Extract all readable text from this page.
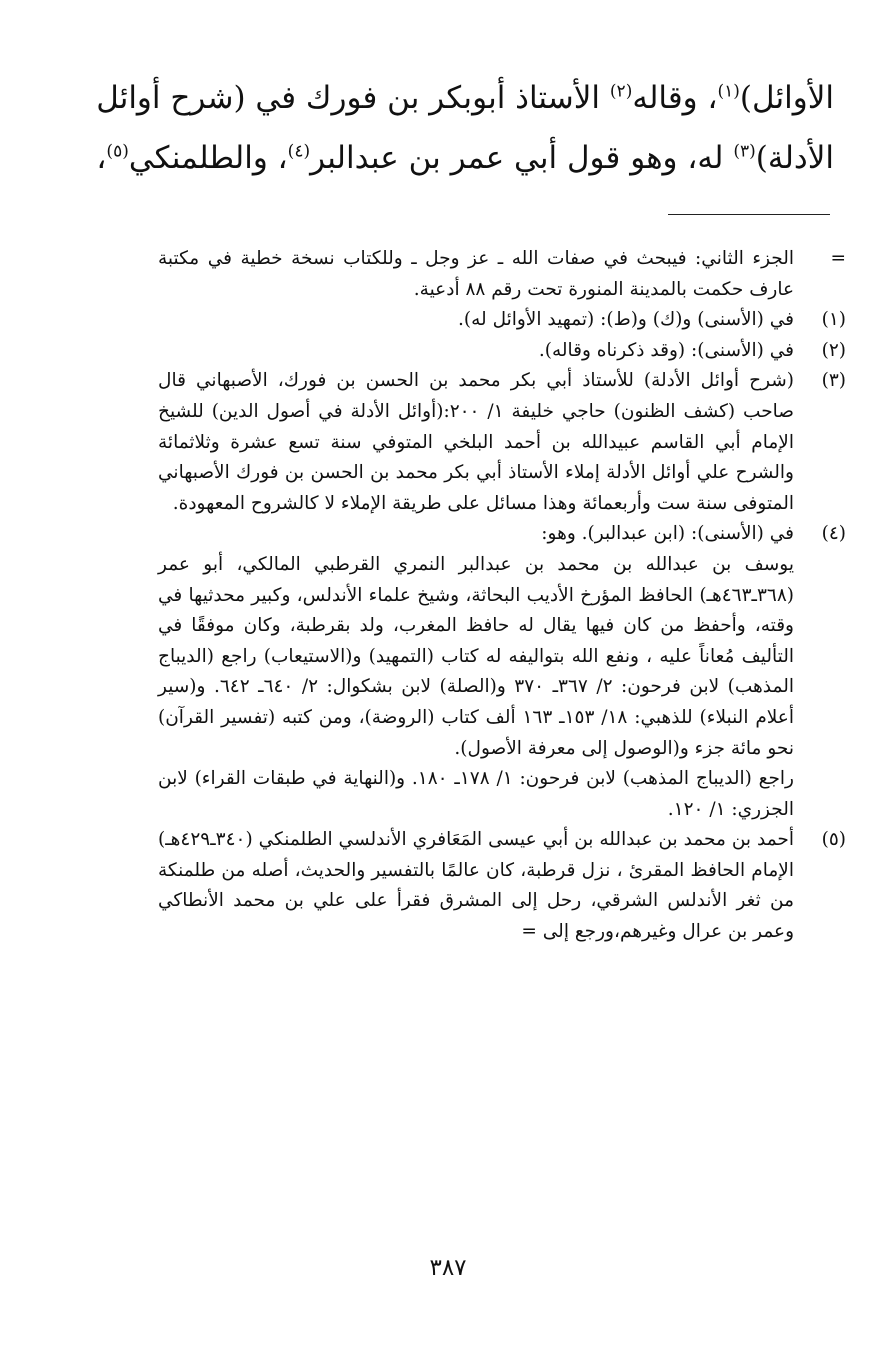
الأوائل)$^{(١)}$، وقاله$^{(٢)}$ الأستاذ أبوبكر بن فورك في (شرح أوائل
الأدلة)$^{(٣)}$ له، وهو قول أبي عمر بن عبدالبر$^{(٤)}$، والطلمنكي$^{(٥)}$،
=

الجزء الثاني: فيبحث في صفات الله ـ عز وجل ـ وللكتاب نسخة خطية في مكتبة عارف حكمت بالمدينة المنورة تحت رقم ٨٨ أدعية.

(١)

في (الأسنى) و(ك) و(ط): (تمهيد الأوائل له).

(٢)

في (الأسنى): (وقد ذكرناه وقاله).

(٣)

(شرح أوائل الأدلة) للأستاذ أبي بكر محمد بن الحسن بن فورك، الأصبهاني قال صاحب (كشف الظنون) حاجي خليفة ١/ ٢٠٠:(أوائل الأدلة في أصول الدين) للشيخ الإمام أبي القاسم عبيدالله بن أحمد البلخي المتوفي سنة تسع عشرة وثلاثمائة والشرح علي أوائل الأدلة إملاء الأستاذ أبي بكر محمد بن الحسن بن فورك الأصبهاني المتوفى سنة ست وأربعمائة وهذا مسائل على طريقة الإملاء لا كالشروح المعهودة.

(٤)

في (الأسنى): (ابن عبدالبر). وهو:

يوسف بن عبدالله بن محمد بن عبدالبر النمري القرطبي المالكي، أبو عمر (٣٦٨ـ٤٦٣هـ) الحافظ المؤرخ الأديب البحاثة، وشيخ علماء الأندلس، وكبير محدثيها في وقته، وأحفظ من كان فيها يقال له حافظ المغرب، ولد بقرطبة، وكان موفقًا في التأليف مُعاناً عليه ، ونفع الله بتواليفه له كتاب (التمهيد) و(الاستيعاب) راجع (الديباج المذهب) لابن فرحون: ٢/ ٣٦٧ـ ٣٧٠ و(الصلة) لابن بشكوال: ٢/ ٦٤٠ـ ٦٤٢. و(سير أعلام النبلاء) للذهبي: ١٨/ ١٥٣ـ ١٦٣ ألف كتاب (الروضة)، ومن كتبه (تفسير القرآن) نحو مائة جزء و(الوصول إلى معرفة الأصول).

راجع (الديباج المذهب) لابن فرحون: ١/ ١٧٨ـ ١٨٠. و(النهاية في طبقات القراء) لابن الجزري: ١/ ١٢٠.

(٥)

أحمد بن محمد بن عبدالله بن أبي عيسى المَعَافري الأندلسي الطلمنكي (٣٤٠ـ٤٢٩هـ) الإمام الحافظ المقرئ ، نزل قرطبة، كان عالمًا بالتفسير والحديث، أصله من طلمنكة من ثغر الأندلس الشرقي، رحل إلى المشرق فقرأ على علي بن محمد الأنطاكي وعمر بن عرال وغيرهم،ورجع إلى =

٣٨٧
